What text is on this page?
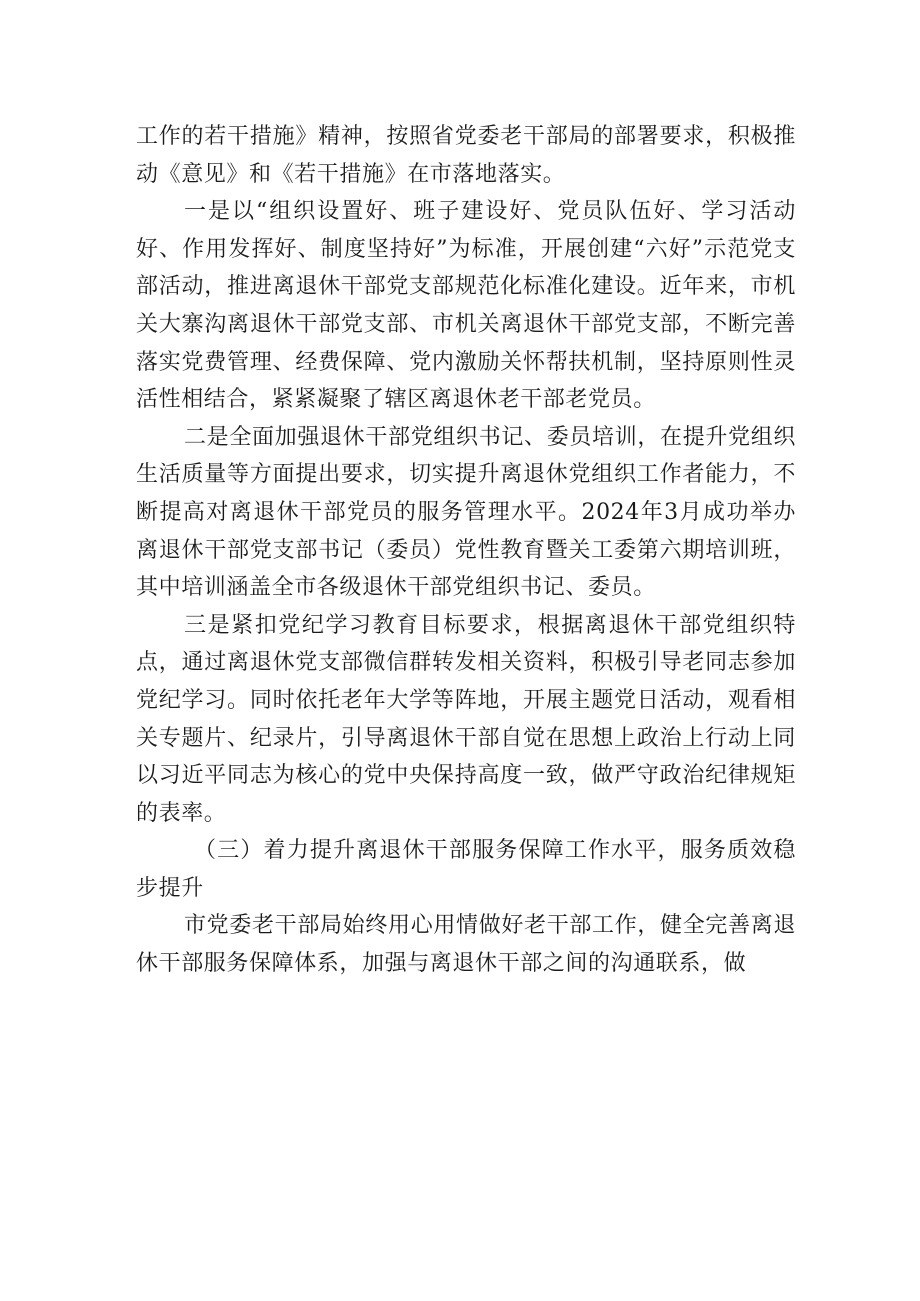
工作的若干措施》精神，按照省党委老干部局的部署要求，积极推动《意见》和《若干措施》在市落地落实。

一是以“组织设置好、班子建设好、党员队伍好、学习活动好、作用发挥好、制度坚持好”为标准，开展创建“六好”示范党支部活动，推进离退休干部党支部规范化标准化建设。近年来，市机关大寨沟离退休干部党支部、市机关离退休干部党支部，不断完善落实党费管理、经费保障、党内激励关怀帮扶机制，坚持原则性灵活性相结合，紧紧凝聚了辖区离退休老干部老党员。

二是全面加强退休干部党组织书记、委员培训，在提升党组织生活质量等方面提出要求，切实提升离退休党组织工作者能力，不断提高对离退休干部党员的服务管理水平。2024年3月成功举办离退休干部党支部书记（委员）党性教育暨关工委第六期培训班，其中培训涵盖全市各级退休干部党组织书记、委员。

三是紧扣党纪学习教育目标要求，根据离退休干部党组织特点，通过离退休党支部微信群转发相关资料，积极引导老同志参加党纪学习。同时依托老年大学等阵地，开展主题党日活动，观看相关专题片、纪录片，引导离退休干部自觉在思想上政治上行动上同以习近平同志为核心的党中央保持高度一致，做严守政治纪律规矩的表率。

（三）着力提升离退休干部服务保障工作水平，服务质效稳步提升

市党委老干部局始终用心用情做好老干部工作，健全完善离退休干部服务保障体系，加强与离退休干部之间的沟通联系，做
